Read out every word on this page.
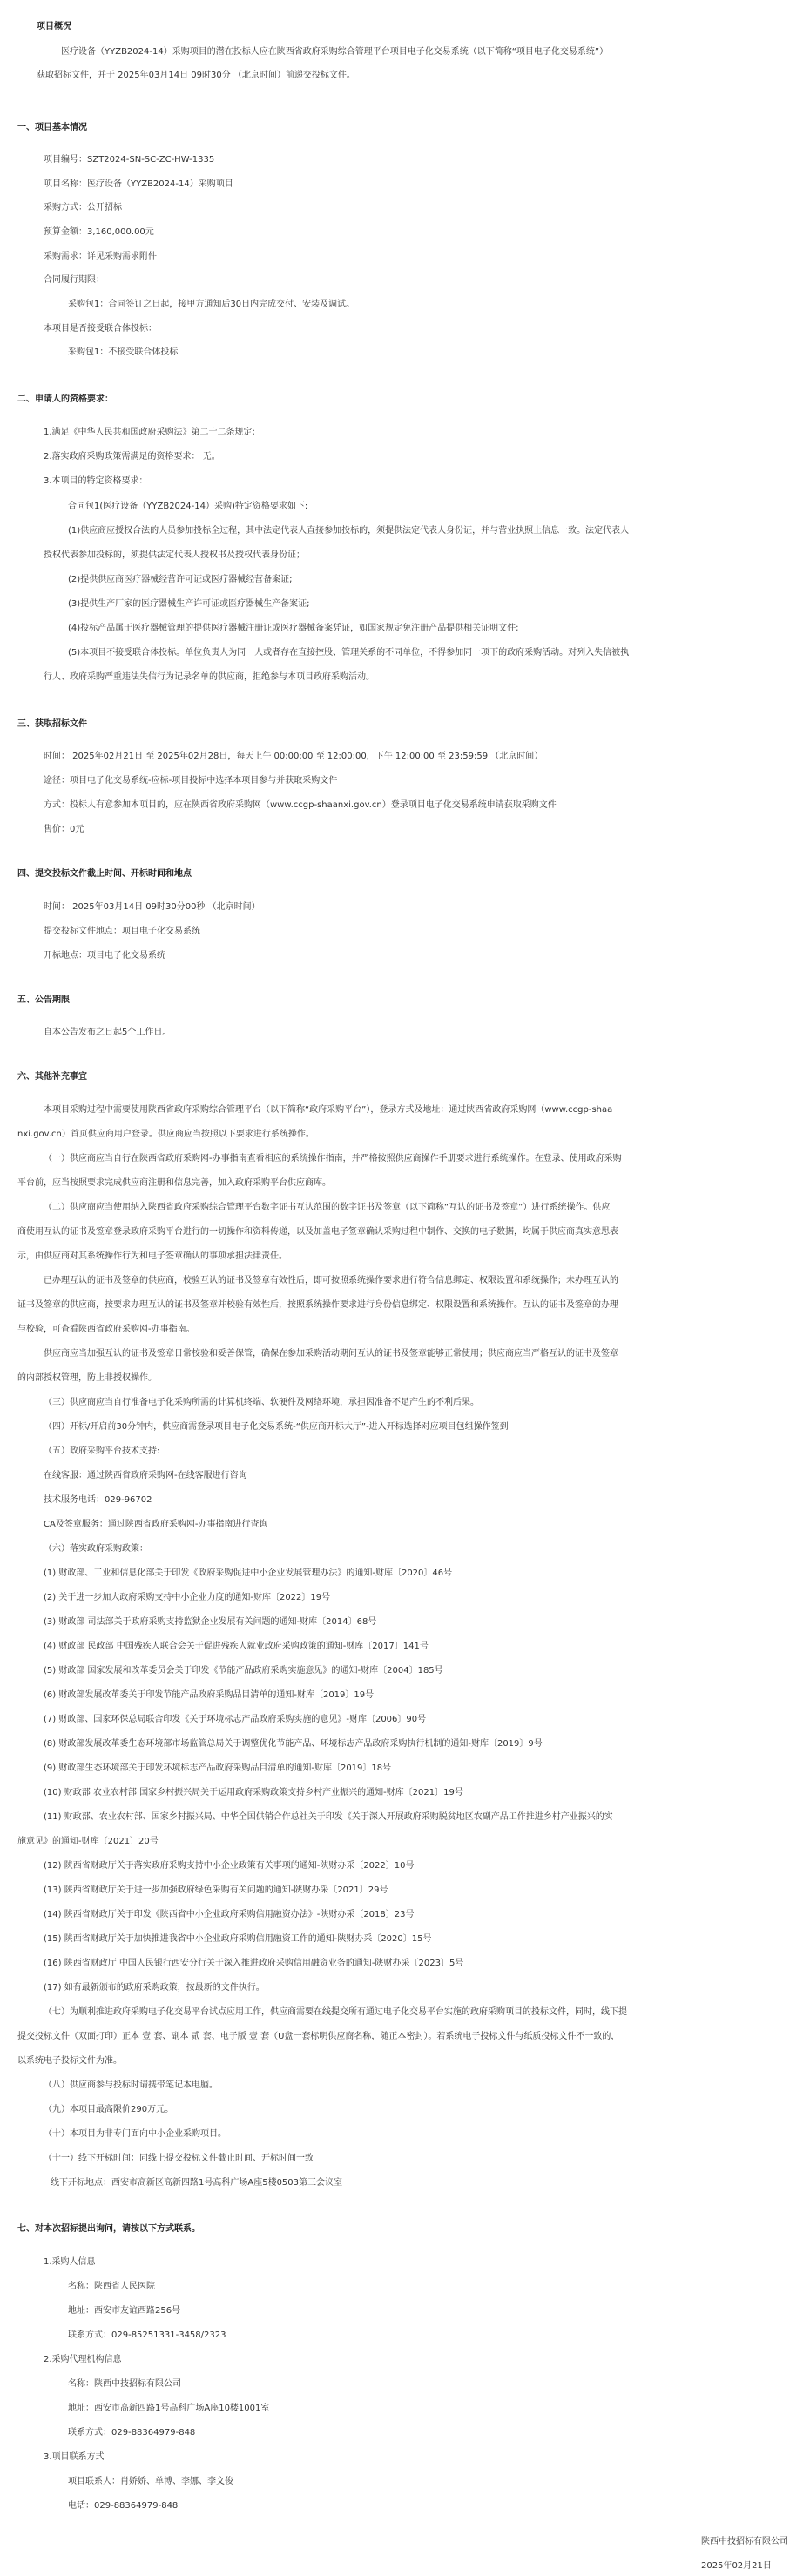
项目概况
医疗设备（YYZB2024-14）采购项目的潜在投标人应在陕西省政府采购综合管理平台项目电子化交易系统（以下简称“项目电子化交易系统”）
获取招标文件，并于 2025年03月14日 09时30分 （北京时间）前递交投标文件。
一、项目基本情况
项目编号：SZT2024-SN-SC-ZC-HW-1335
项目名称：医疗设备（YYZB2024-14）采购项目
采购方式：公开招标
预算金额：3,160,000.00元
采购需求：详见采购需求附件
合同履行期限：
采购包1：合同签订之日起，接甲方通知后30日内完成交付、安装及调试。
本项目是否接受联合体投标：
采购包1：不接受联合体投标
二、申请人的资格要求：
1.满足《中华人民共和国政府采购法》第二十二条规定;
2.落实政府采购政策需满足的资格要求： 无。
3.本项目的特定资格要求：
合同包1(医疗设备（YYZB2024-14）采购)特定资格要求如下:
(1)供应商应授权合法的人员参加投标全过程，其中法定代表人直接参加投标的，须提供法定代表人身份证，并与营业执照上信息一致。法定代表人
授权代表参加投标的，须提供法定代表人授权书及授权代表身份证；
(2)提供供应商医疗器械经营许可证或医疗器械经营备案证;
(3)提供生产厂家的医疗器械生产许可证或医疗器械生产备案证;
(4)投标产品属于医疗器械管理的提供医疗器械注册证或医疗器械备案凭证，如国家规定免注册产品提供相关证明文件;
(5)本项目不接受联合体投标。单位负责人为同一人或者存在直接控股、管理关系的不同单位，不得参加同一项下的政府采购活动。对列入失信被执
行人、政府采购严重违法失信行为记录名单的供应商，拒绝参与本项目政府采购活动。
三、获取招标文件
时间： 2025年02月21日 至 2025年02月28日，每天上午 00:00:00 至 12:00:00，下午 12:00:00 至 23:59:59 （北京时间）
途径：项目电子化交易系统-应标-项目投标中选择本项目参与并获取采购文件
方式：投标人有意参加本项目的，应在陕西省政府采购网（www.ccgp-shaanxi.gov.cn）登录项目电子化交易系统申请获取采购文件
售价：0元
四、提交投标文件截止时间、开标时间和地点
时间： 2025年03月14日 09时30分00秒 （北京时间）
提交投标文件地点：项目电子化交易系统
开标地点：项目电子化交易系统
五、公告期限
自本公告发布之日起5个工作日。
六、其他补充事宜
本项目采购过程中需要使用陕西省政府采购综合管理平台（以下简称“政府采购平台”），登录方式及地址：通过陕西省政府采购网（www.ccgp-shaa
nxi.gov.cn）首页供应商用户登录。供应商应当按照以下要求进行系统操作。
（一）供应商应当自行在陕西省政府采购网-办事指南查看相应的系统操作指南，并严格按照供应商操作手册要求进行系统操作。在登录、使用政府采购
平台前，应当按照要求完成供应商注册和信息完善，加入政府采购平台供应商库。
（二）供应商应当使用纳入陕西省政府采购综合管理平台数字证书互认范围的数字证书及签章（以下简称“互认的证书及签章”）进行系统操作。供应
商使用互认的证书及签章登录政府采购平台进行的一切操作和资料传递，以及加盖电子签章确认采购过程中制作、交换的电子数据，均属于供应商真实意思表
示，由供应商对其系统操作行为和电子签章确认的事项承担法律责任。
已办理互认的证书及签章的供应商，校验互认的证书及签章有效性后，即可按照系统操作要求进行符合信息绑定、权限设置和系统操作；未办理互认的
证书及签章的供应商，按要求办理互认的证书及签章并校验有效性后，按照系统操作要求进行身份信息绑定、权限设置和系统操作。互认的证书及签章的办理
与校验，可查看陕西省政府采购网-办事指南。
供应商应当加强互认的证书及签章日常校验和妥善保管，确保在参加采购活动期间互认的证书及签章能够正常使用；供应商应当严格互认的证书及签章
的内部授权管理，防止非授权操作。
（三）供应商应当自行准备电子化采购所需的计算机终端、软硬件及网络环境，承担因准备不足产生的不利后果。
（四）开标/开启前30分钟内，供应商需登录项目电子化交易系统-“供应商开标大厅”-进入开标选择对应项目包组操作签到
（五）政府采购平台技术支持:
在线客服：通过陕西省政府采购网-在线客服进行咨询
技术服务电话：029-96702
CA及签章服务：通过陕西省政府采购网-办事指南进行查询
（六）落实政府采购政策：
(1) 财政部、工业和信息化部关于印发《政府采购促进中小企业发展管理办法》的通知-财库〔2020〕46号
(2) 关于进一步加大政府采购支持中小企业力度的通知-财库〔2022〕19号
(3) 财政部 司法部关于政府采购支持监狱企业发展有关问题的通知-财库〔2014〕68号
(4) 财政部 民政部 中国残疾人联合会关于促进残疾人就业政府采购政策的通知-财库〔2017〕141号
(5) 财政部 国家发展和改革委员会关于印发《节能产品政府采购实施意见》的通知-财库〔2004〕185号
(6) 财政部发展改革委关于印发节能产品政府采购品目清单的通知-财库〔2019〕19号
(7) 财政部、国家环保总局联合印发《关于环境标志产品政府采购实施的意见》-财库〔2006〕90号
(8) 财政部发展改革委生态环境部市场监管总局关于调整优化节能产品、环境标志产品政府采购执行机制的通知-财库〔2019〕9号
(9) 财政部生态环境部关于印发环境标志产品政府采购品目清单的通知-财库〔2019〕18号
(10) 财政部 农业农村部 国家乡村振兴局关于运用政府采购政策支持乡村产业振兴的通知-财库〔2021〕19号
(11) 财政部、农业农村部、国家乡村振兴局、中华全国供销合作总社关于印发《关于深入开展政府采购脱贫地区农副产品工作推进乡村产业振兴的实
施意见》的通知-财库〔2021〕20号
(12) 陕西省财政厅关于落实政府采购支持中小企业政策有关事项的通知-陕财办采〔2022〕10号
(13) 陕西省财政厅关于进一步加强政府绿色采购有关问题的通知-陕财办采〔2021〕29号
(14) 陕西省财政厅关于印发《陕西省中小企业政府采购信用融资办法》-陕财办采〔2018〕23号
(15) 陕西省财政厅关于加快推进我省中小企业政府采购信用融资工作的通知-陕财办采〔2020〕15号
(16) 陕西省财政厅 中国人民银行西安分行关于深入推进政府采购信用融资业务的通知-陕财办采〔2023〕5号
(17) 如有最新颁布的政府采购政策，按最新的文件执行。
（七）为顺利推进政府采购电子化交易平台试点应用工作，供应商需要在线提交所有通过电子化交易平台实施的政府采购项目的投标文件，同时，线下提
提交投标文件（双面打印）正本 壹 套、副本 贰 套、电子版 壹 套（U盘一套标明供应商名称，随正本密封）。若系统电子投标文件与纸质投标文件不一致的，
以系统电子投标文件为准。
（八）供应商参与投标时请携带笔记本电脑。
（九）本项目最高限价290万元。
（十）本项目为非专门面向中小企业采购项目。
（十一）线下开标时间：同线上提交投标文件截止时间、开标时间一致
线下开标地点：西安市高新区高新四路1号高科广场A座5楼0503第三会议室
七、对本次招标提出询问，请按以下方式联系。
1.采购人信息
名称：陕西省人民医院
地址：西安市友谊西路256号
联系方式：029-85251331-3458/2323
2.采购代理机构信息
名称：陕西中技招标有限公司
地址：西安市高新四路1号高科广场A座10楼1001室
联系方式：029-88364979-848
3.项目联系方式
项目联系人：肖娇娇、单博、李娜、李文俊
电话：029-88364979-848
陕西中技招标有限公司
2025年02月21日
